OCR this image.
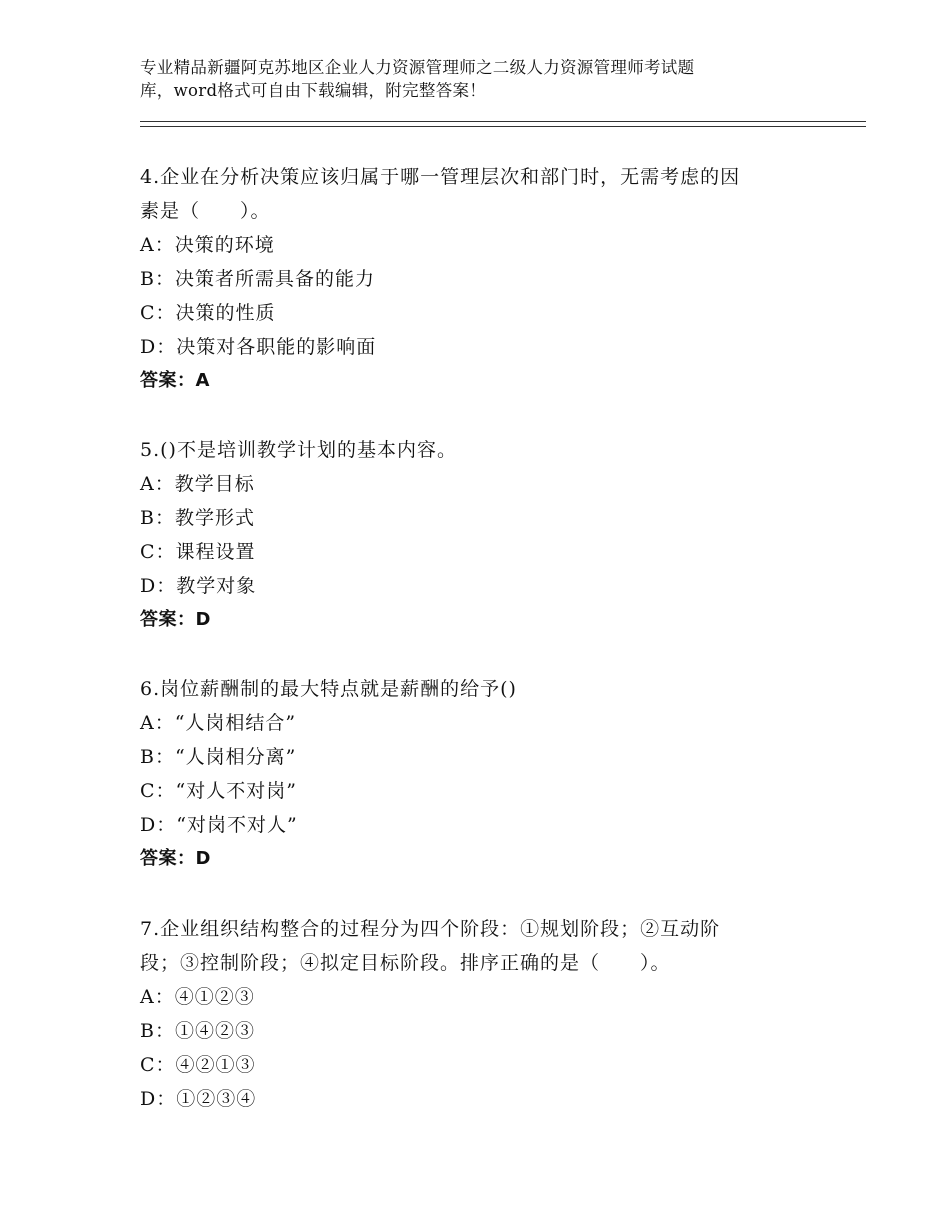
专业精品新疆阿克苏地区企业人力资源管理师之二级人力资源管理师考试题
库，word格式可自由下载编辑，附完整答案！
4.企业在分析决策应该归属于哪一管理层次和部门时，无需考虑的因
素是（　　）。
A：决策的环境
B：决策者所需具备的能力
C：决策的性质
D：决策对各职能的影响面
答案：A
5.()不是培训教学计划的基本内容。
A：教学目标
B：教学形式
C：课程设置
D：教学对象
答案：D
6.岗位薪酬制的最大特点就是薪酬的给予()
A：“人岗相结合”
B：“人岗相分离”
C：“对人不对岗”
D：“对岗不对人”
答案：D
7.企业组织结构整合的过程分为四个阶段：①规划阶段；②互动阶
段；③控制阶段；④拟定目标阶段。排序正确的是（　　）。
A：④①②③
B：①④②③
C：④②①③
D：①②③④
